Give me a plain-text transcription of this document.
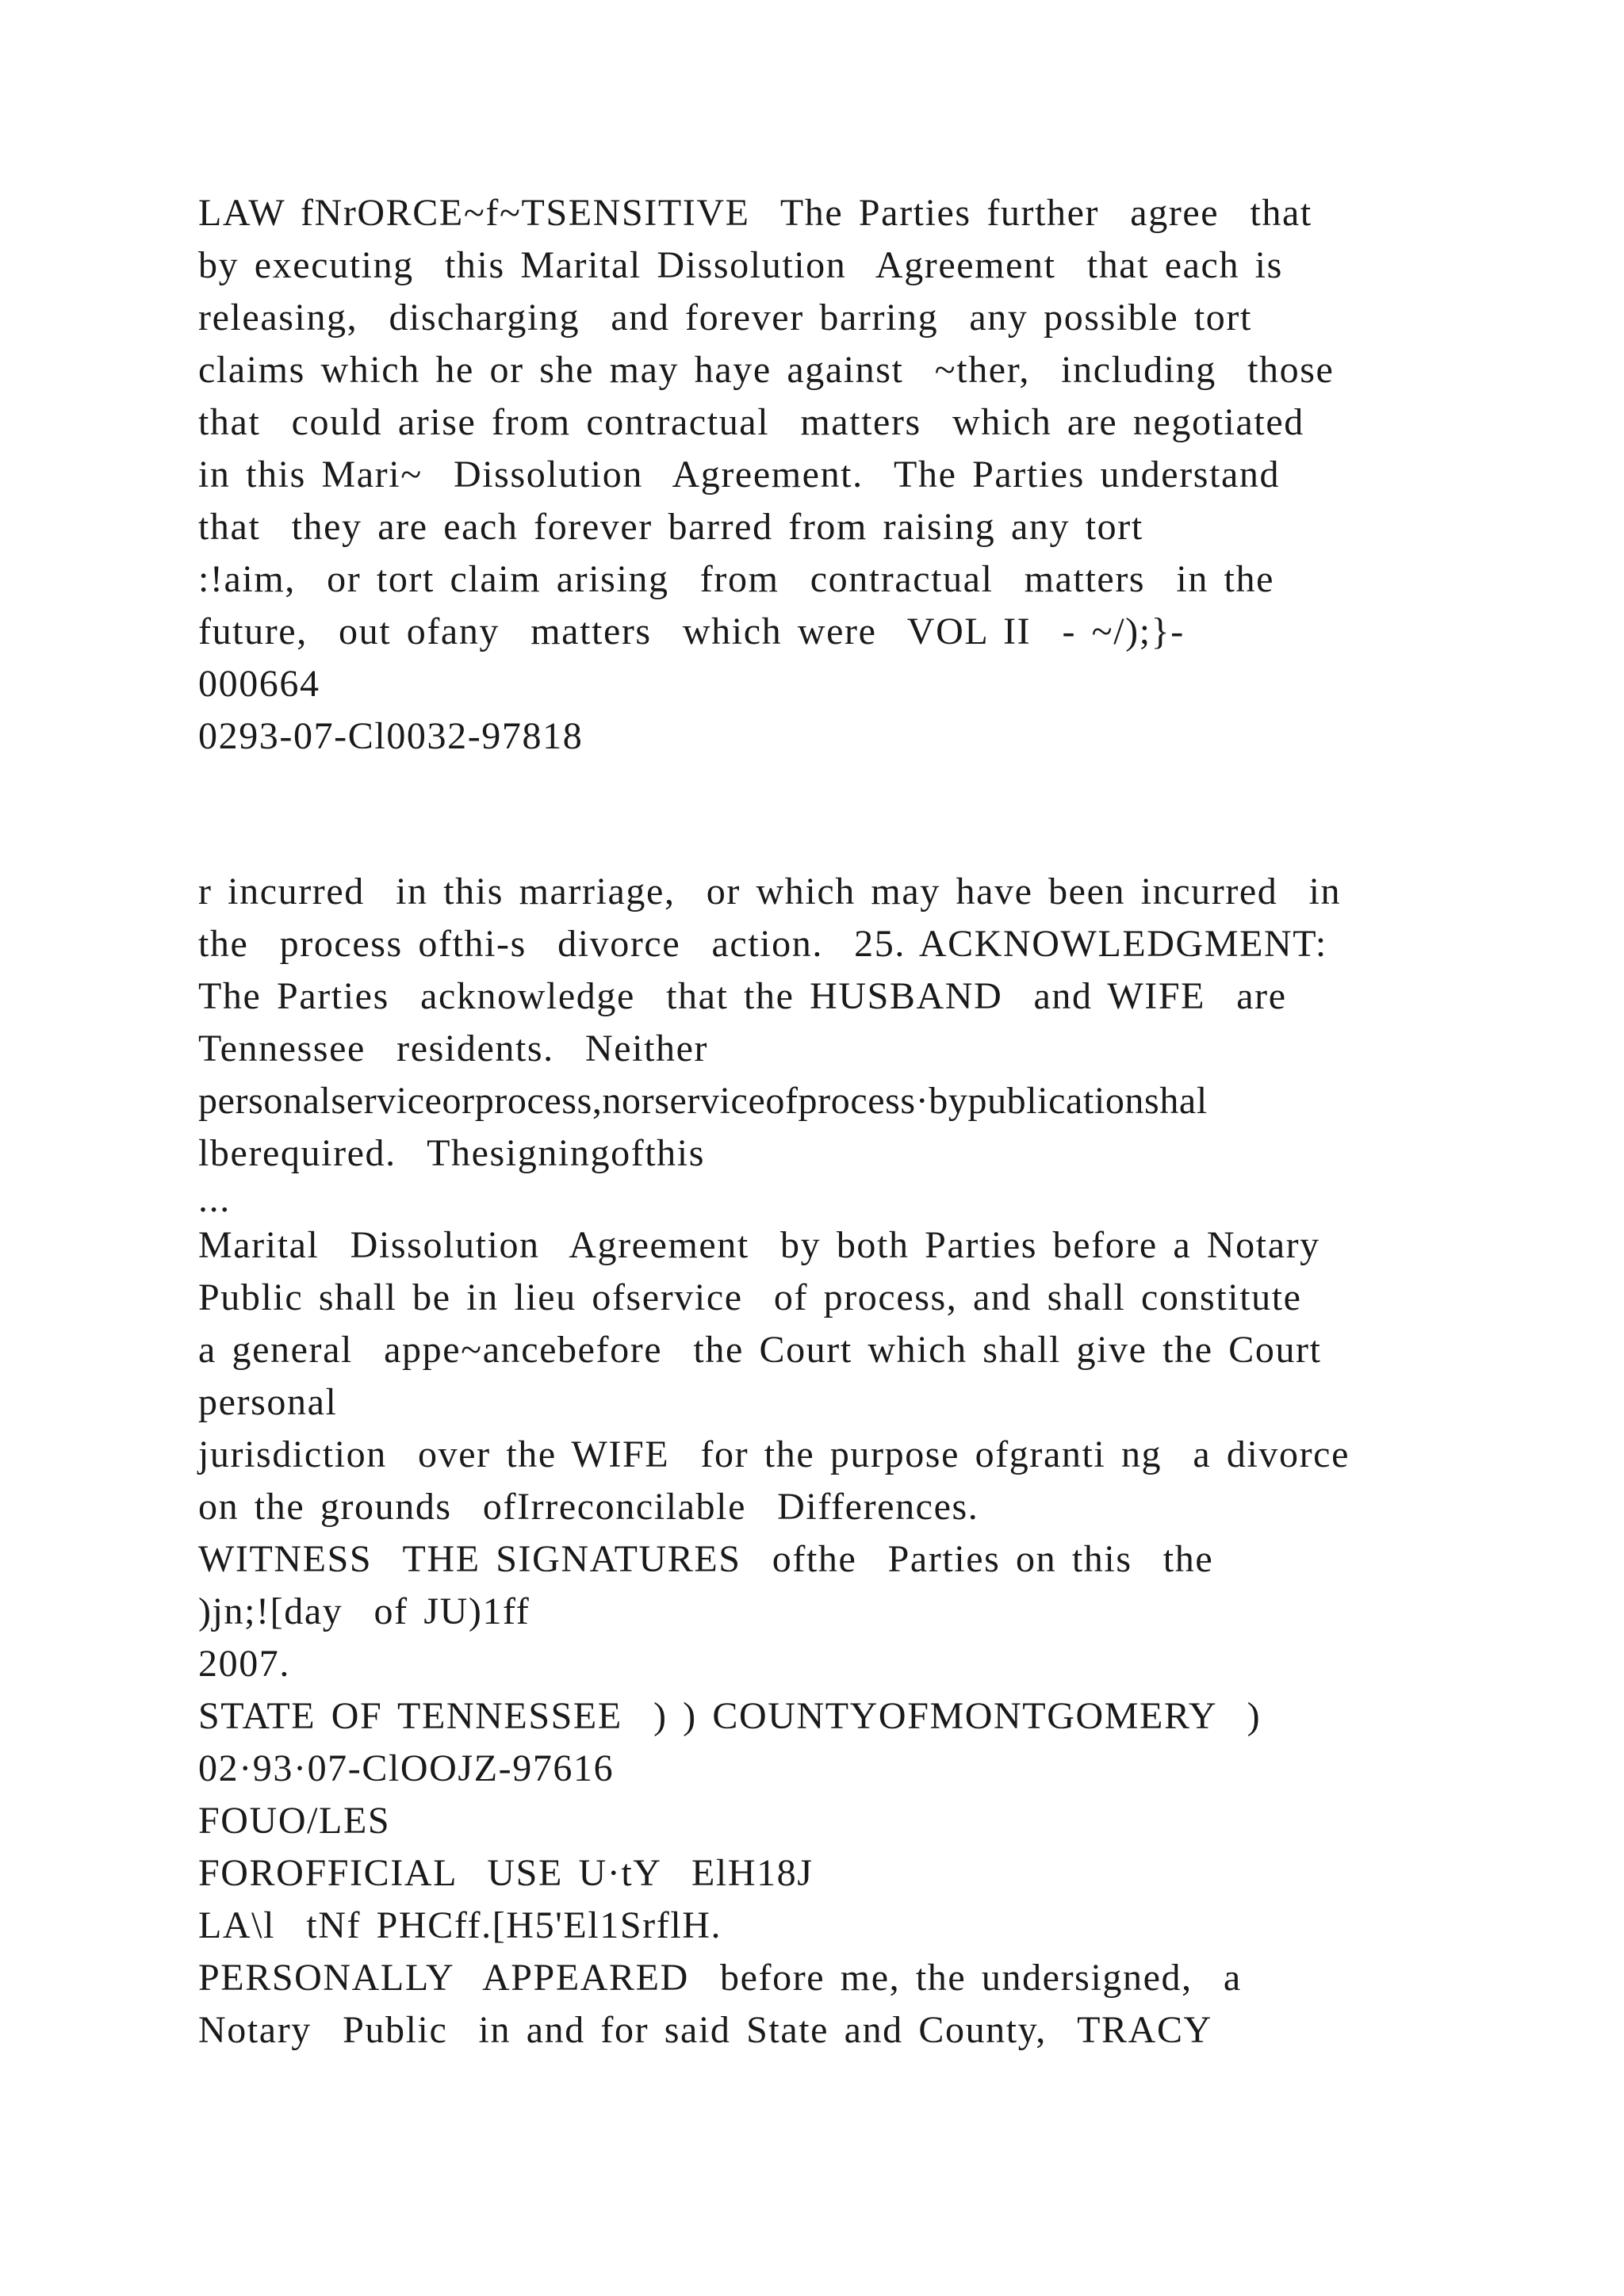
LAW fNrORCE~f~TSENSITIVE  The Parties further  agree  that
by executing  this Marital Dissolution  Agreement  that each is
releasing,  discharging  and forever barring  any possible tort
claims which he or she may haye against  ~ther,  including  those
that  could arise from contractual  matters  which are negotiated
in this Mari~  Dissolution  Agreement.  The Parties understand
that  they are each forever barred from raising any tort
:!aim,  or tort claim arising  from  contractual  matters  in the
future,  out ofany  matters  which were  VOL II  - ~/);}-
000664
0293-07-Cl0032-97818
r incurred  in this marriage,  or which may have been incurred  in
the  process ofthi-s  divorce  action.  25. ACKNOWLEDGMENT:
The Parties  acknowledge  that the HUSBAND  and WIFE  are
Tennessee  residents.  Neither
personalserviceorprocess,norserviceofprocess·bypublicationshal
lberequired.  Thesigningofthis
...
Marital  Dissolution  Agreement  by both Parties before a Notary
Public shall be in lieu ofservice  of process, and shall constitute
a general  appe~ancebefore  the Court which shall give the Court
personal
jurisdiction  over the WIFE  for the purpose ofgranti ng  a divorce
on the grounds  ofIrreconcilable  Differences.
WITNESS  THE SIGNATURES  ofthe  Parties on this  the
)jn;![day  of JU)1ff
2007.
STATE OF TENNESSEE  ) ) COUNTYOFMONTGOMERY  )
02·93·07-ClOOJZ-97616
FOUO/LES
FOROFFICIAL  USE U·tY  ElH18J
LA\l  tNf PHCff.[H5'El1SrflH.
PERSONALLY  APPEARED  before me, the undersigned,  a
Notary  Public  in and for said State and County,  TRACY
